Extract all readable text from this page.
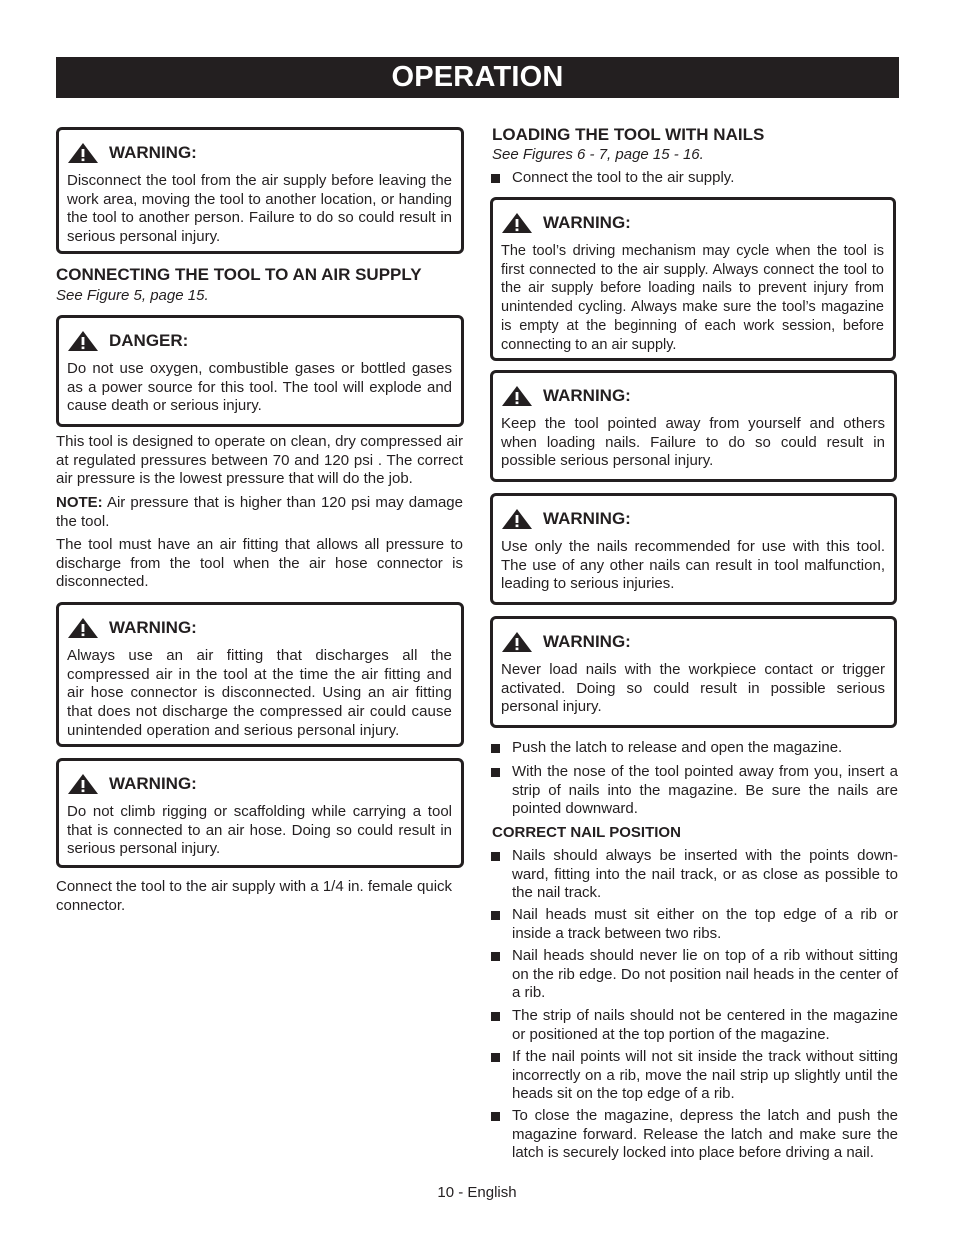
OPERATION
WARNING:
Disconnect the tool from the air supply before leaving the work area, moving the tool to another location, or handing the tool to another person. Failure to do so could result in serious personal injury.
CONNECTING THE TOOL TO AN AIR SUPPLY
See Figure 5, page 15.
DANGER:
Do not use oxygen, combustible gases or bottled gases as a power source for this tool. The tool will explode and cause death or serious injury.
This tool is designed to operate on clean, dry compressed air at regulated pressures between 70 and 120 psi . The correct air pressure is the lowest pressure that will do the job.
NOTE: Air pressure that is higher than 120 psi may damage the tool.
The tool must have an air fitting that allows all pressure to discharge from the tool when the air hose connector is disconnected.
WARNING:
Always use an air fitting that discharges all the compressed air in the tool at the time the air fitting and air hose connector is disconnected. Using an air fitting that does not discharge the compressed air could cause unintended operation and serious personal injury.
WARNING:
Do not climb rigging or scaffolding while carrying a tool that is connected to an air hose. Doing so could result in serious personal injury.
Connect the tool to the air supply with a 1/4 in. female quick connector.
LOADING THE TOOL WITH NAILS
See Figures 6 - 7, page 15 - 16.
Connect the tool to the air supply.
WARNING:
The tool’s driving mechanism may cycle when the tool is first connected to the air supply. Always connect the tool to the air supply before loading nails to prevent injury from unintended cycling. Always make sure the tool’s magazine is empty at the beginning of each work session, before connecting to an air supply.
WARNING:
Keep the tool pointed away from yourself and others when loading nails. Failure to do so could result in possible serious personal injury.
WARNING:
Use only the nails recommended for use with this tool. The use of any other nails can result in tool malfunction, leading to serious injuries.
WARNING:
Never load nails with the workpiece contact or trigger activated. Doing so could result in possible serious personal injury.
Push the latch to release and open the magazine.
With the nose of the tool pointed away from you, insert a strip of nails into the magazine. Be sure the nails are pointed downward.
CORRECT NAIL POSITION
Nails should always be inserted with the points down-ward, fitting into the nail track, or as close as possible to the nail track.
Nail heads must sit either on the top edge of a rib or inside a track between two ribs.
Nail heads should never lie on top of a rib without sitting on the rib edge. Do not position nail heads in the center of a rib.
The strip of nails should not be centered in the magazine or positioned at the top portion of the magazine.
If the nail points will not sit inside the track without sitting incorrectly on a rib, move the nail strip up slightly until the heads sit on the top edge of a rib.
To close the magazine, depress the latch and push the magazine forward. Release the latch and make sure the latch is securely locked into place before driving a nail.
10 - English
